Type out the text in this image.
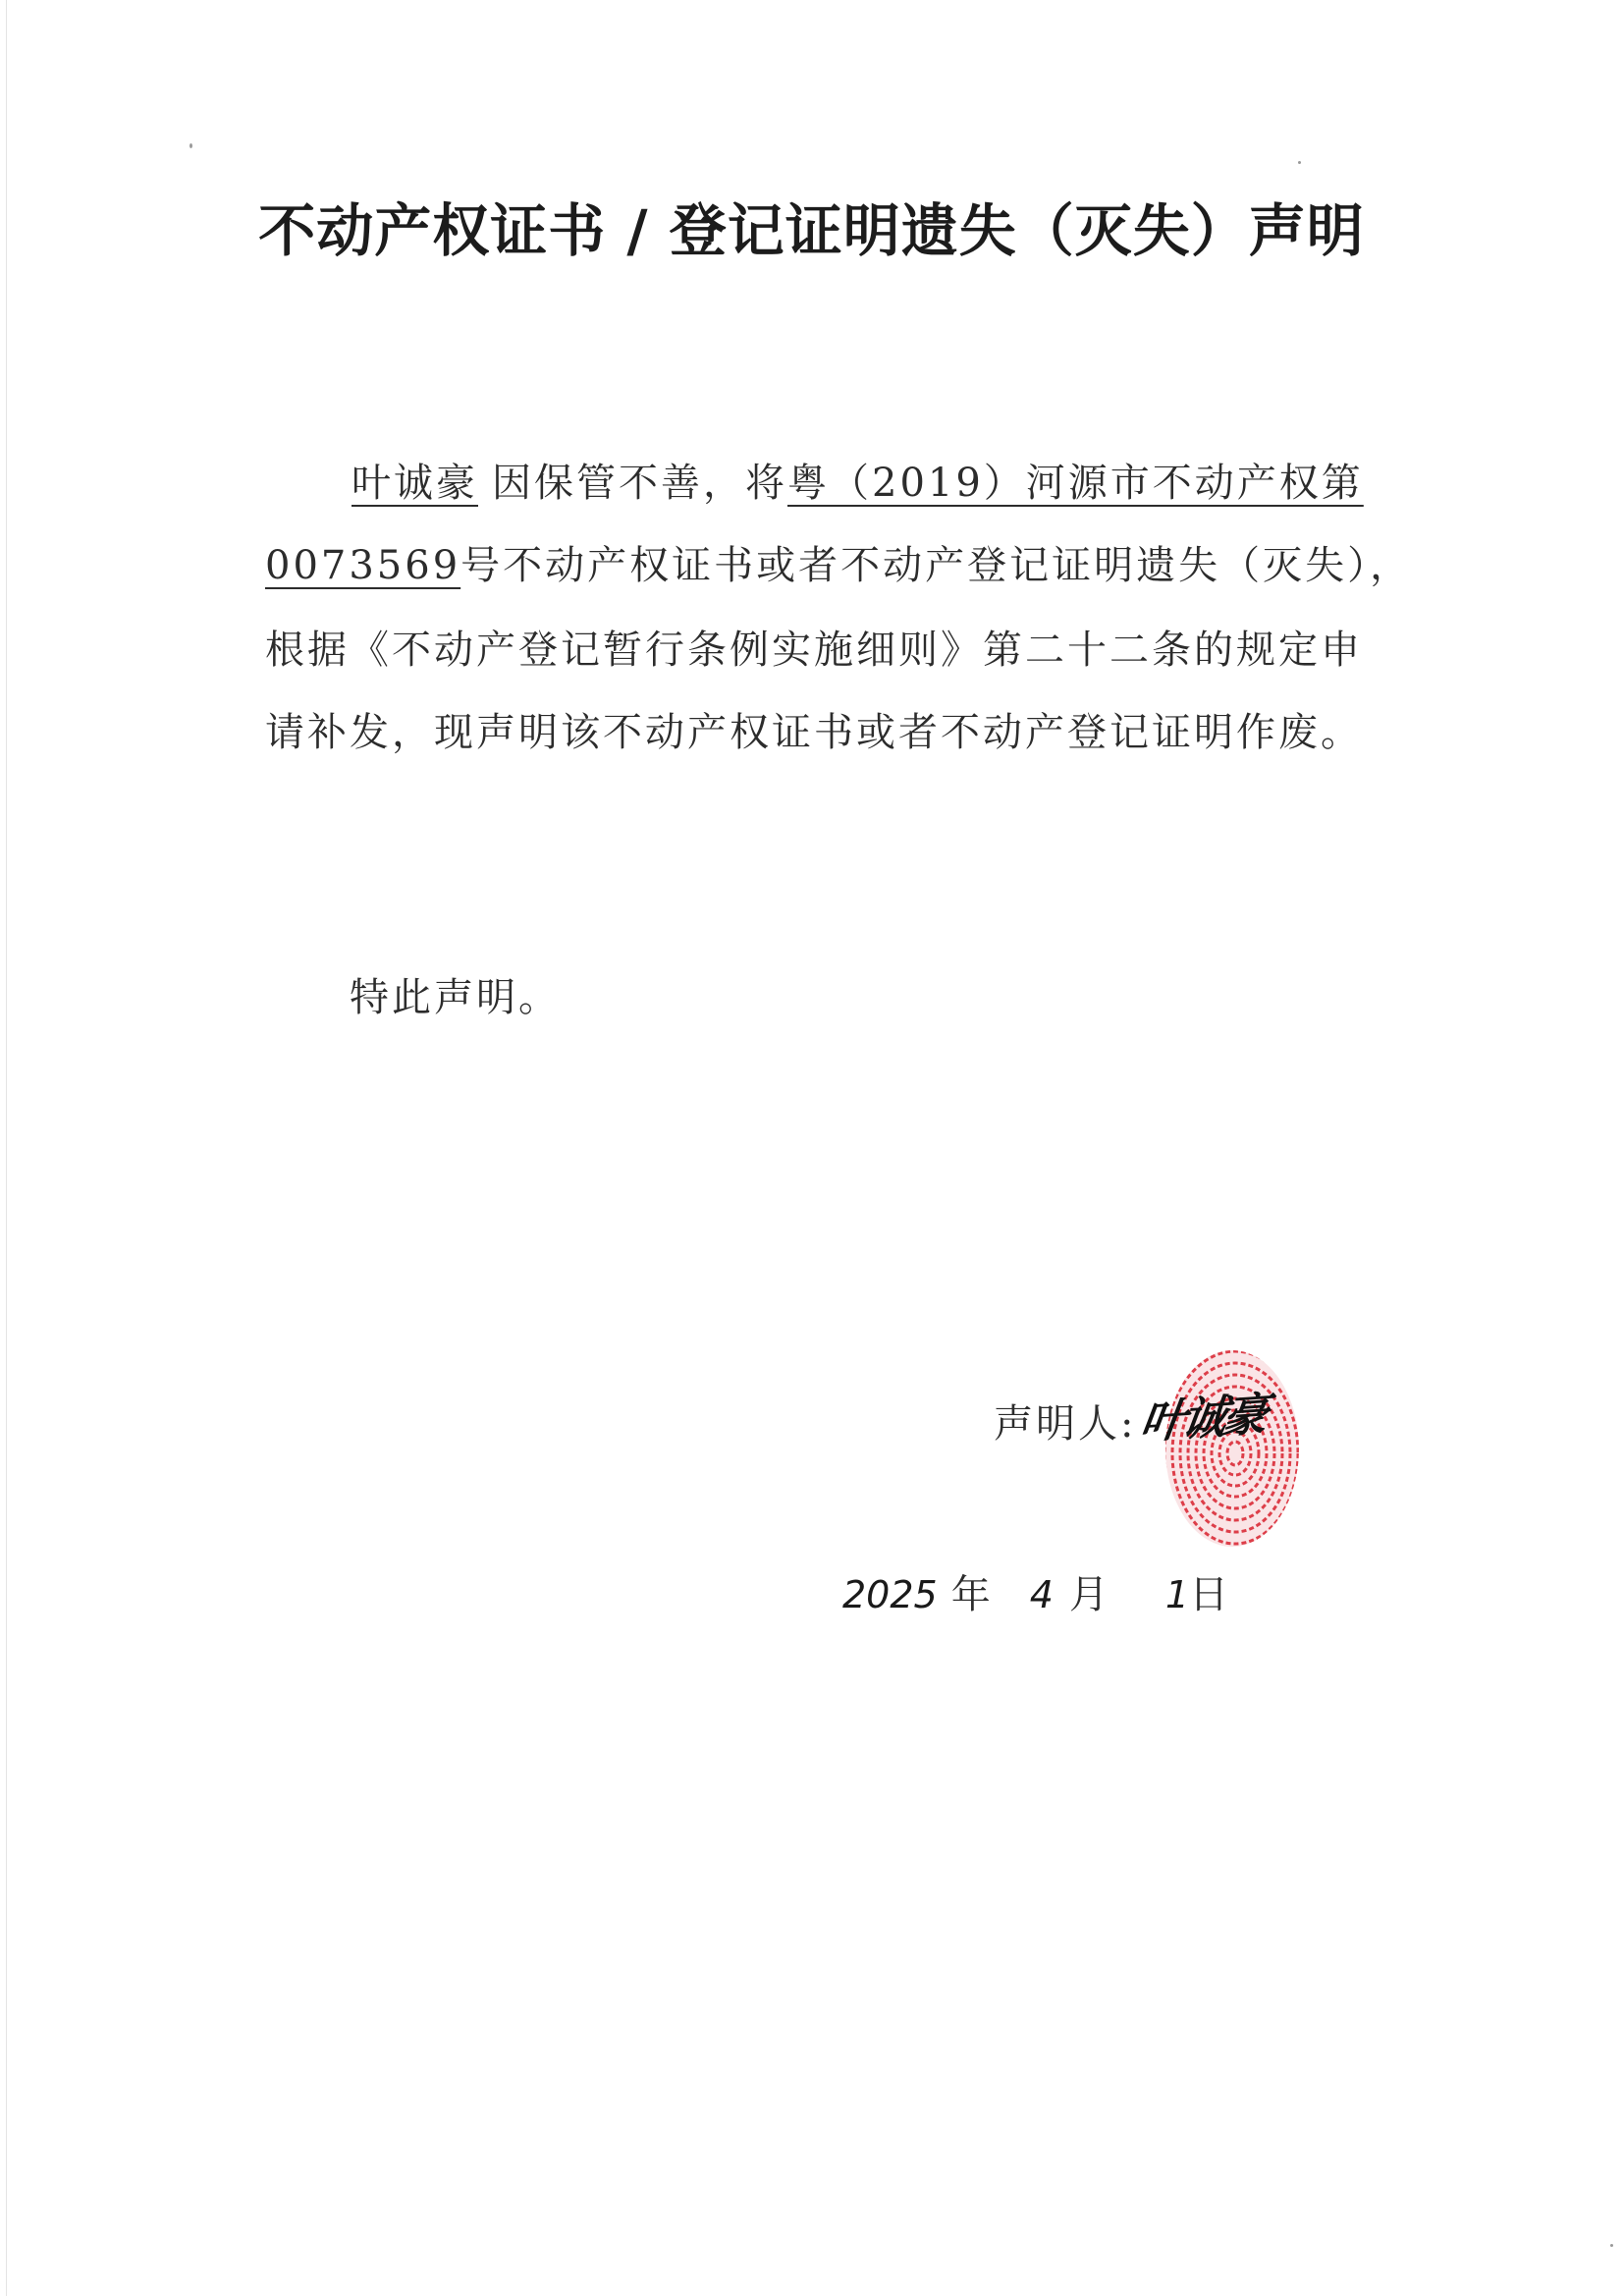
不动产权证书 / 登记证明遗失（灭失）声明
叶诚豪 因保管不善，将粤（2019）河源市不动产权第
0073569号不动产权证书或者不动产登记证明遗失（灭失），
根据《不动产登记暂行条例实施细则》第二十二条的规定申
请补发，现声明该不动产权证书或者不动产登记证明作废。
特此声明。
声明人: 叶诚豪
2025 年 4 月 1日
